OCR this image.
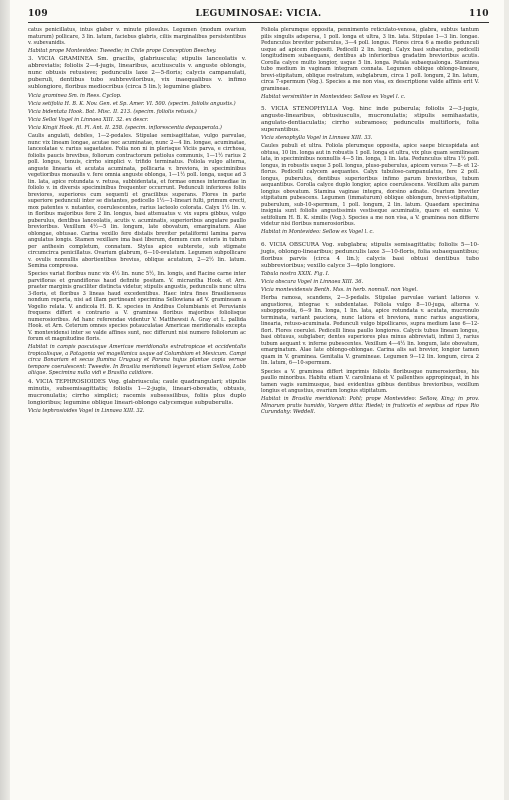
109	LEGUMINOSAE: VICIA.	110
catus penicillatus, intus glaber v. minute pilosulus. Legumen (modum ovarium maturum) pollicare, 3 lin. latum, faciebus glabris, ciliis marginalibus persistentibus v. subevanidis.
Habitat prope Montevideo: Tweedie; in Chile prope Conception Beechey.
3. VICIA GRAMINEA Sm. gracilis, glabriuscula; stipulis lanceolatis v. abbreviatis; foliolis 2—4-jugis, linearibus, acutiusculis v. anguste oblongis, nunc obtusis retusisve; pedunculis laxe 2—5-floris; calycis campanulati, puberuli, dentibus tubo subbreviloribus, vix inaequalibus v. infimo sublongiore, floribus mediocribus (circa 5 lin.); legumine glabro.
Vicia graminea Sm. in Rees. Cyclop.
Vicia setifolia H. B. K. Nov. Gen. et Sp. Amer. VI. 500. (specim. foliolis angustis.)
Vicia bidentata Hook. Bot. Misc. II. 213. (specim. foliolis retusis.)
Vicia Selloi Vogel in Linnaea XIII. 32. ex descr.
Vicia Kingii Hook. fil. Fl. Ant. II. 258. (specim. inflorescentia depauperata.)
Caulis angulati, debiles, 1—2-pedales. Stipulae semisagittatae, vulgo parvulae, nunc vix lineam longae, acutae nec acuminatae, nunc 2—4 lin. longae, acuminatae, lanceolatae v. rarius sagaetatee. Folia non ni in plerisque Viciis parva, e cirrhosa, foliolis paucis brevibus, foliorum contractorum petiolus communis, 1—1½ rarius 2 poll. longus, tenuis, cirrho simplici v. trifido terminatus. Foliola vulgo alterna, anguste linearia et acutata acuminata, pollicaria v. breviora, in speciminibus vegetioribus monaulis v. fere omnia anguste oblonga, 1—1½ poll. longa, usque ad 3 lin. lata, apice rotundata v. retusa, subbidentata, et formae omnes intermediae in foliolo v. in diversis speciminibus frequenter occurrunt. Pedunculi inferiores foliis breviores, superiores cum sequenti et gracilibus superans. Flores in parte superiore pedunculi inter se distantes, pedicello 1½—1-lineari fulti, primum erecti, mox patentes v. nutantes, coerulescentes, rarius lacteolo colorata. Calyx 1½ lin. v. in floribus majoribus fere 2 lin. longus, basi attenuatus v. vix supra gibbus, vulgo puberulus, dentibus lanceolatis, acutis v. acuminatis, superioribus angulare paullo brevioribus. Vexillum 4½—5 lin. longum, late obovatum, emarginatum. Alae oblongae, obtusae. Carina vexillo fere distalis breviter petaliformi lamina parva angulatus longis. Stamen vexillare ima basi liberum, demum cum ceteris in tubum per anthesin completum, connatum. Stylus apice subterete, sub stigmate circumcirca penicillatus. Ovarium glabrum, 6—10-ovulatum. Legumen subpollicare v. ovulis nonnullis abortientibus brevius, oblique acutatum, 2—2½ lin. latum. Semina compressa.
Species variat floribus nunc vix 4½ lin. nunc 5½, lin. longis, and Racine carne inter parvifloras et grandifloras haud definite positam. V. micrantha Hook. et Arn. praeter marginis graciliter distincta videtur, stipulis angustis, pedunculis nunc ultra 3-floris, et floribus 3 lineas haud excedentibus. Haec intra fines Brasilienseus nondum reperta, nisi ad illam pertineant specimina Sellowiana ad V. gramineam a Vogelio relata. V. andicola H. B. K. species in Andibus Columbianis et Peruvianis frequens differt e contrario a V. graminea floribus majoribus foliolisque numerosioribus. Ad hanc referendae videntur V. Matthewsii A. Gray et L. pallida Hook. et Arn. Ceterum omnes species potauculatae Americae meridionalis excepta V. montevidensi inter se valde affines sunt, nec differunt nisi numero foliolorum ac forum et magnitudine floris.
Habitat in campis pascuisque Americae meridionalis extratropicae et occidentalis tropicalisque, a Patagonia vel magellanica usque ad Columbiam et Mexicum. Campi circa Bonariam et secus flumina Uruguay et Parana hujus plantae copia vernae tempore coerulescent: Tweedie. In Brasilia meridionali legerunt etiam Sellow, Lobb aliique. Specimina nulla vidi e Brasilia calidiore.
4. VICIA TEPHROSIOIDES Vog. glabriuscula; caule quadrangulari; stipulis minutis, subsemisagittatis; foliolis 1—2-jugis, lineari-obovatis, obtusis, mucronulatis; cirrho simplici; racemis subsessilibus, foliis plus duplo longioribus; legumine oblique lineari-oblongo calycemque subpuberulis.
Vicia tephrosioides Vogel in Linnaea XIII. 32.
Foliola plerumque opposita, pennimento reticulato-venosa, glabra, subtus tantum pilis singulis adspersa, 1 poll. longa et ultra, 3 lin. lata. Stipulae 1—3 lin. longae. Pedunculus breviter puberulus, 3—4 poll. longus. Flores circa 6 a medio pedunculi usque ad apicem dispositi. Pedicelli 2 lin. longi. Calyx basi subacutus, pedicelli longitudinem subaequans, dentibus ab inferioribus gradatim brevioribus acutis. Corolla calyce multo longior, usque 5 lin. longa. Petala subaequalonga. Staminea tubo medium in vaginam integram connata. Legumen oblique oblongo-lineare, brevi-stipitatum, oblique rostratum, subglabrum, circa 1 poll. longum, 2 lin. latum, circa 7-spermum (Vog.). Species a me non visa, ex descriptione valde affinis erit V. gramineae.
Habitat versimiliter in Montevideo: Sellow ex Vogel l. c.
5. VICIA STENOPHYLLA Vog. hinc inde puberula; foliolis 2—3-jugis, anguste-linearibus, obtusiusculis, mucronulatis; stipulis semihastatis, angulato-dentiaculatis; cirrho subramoso; pedunculis multifloris, folia superantibus.
Vicia stenophylla Vogel in Linnaea XIII. 33.
Caules pubuli et ultra. Foliola plerumque opposita, apice saepe bicuspidata aut obtusa, 10 lin. longa aut in robustis 1 poll. longa et ultra, vix plus quam semilineam lata, in speciminibus nonnullis 4—5 lin. longa, 1 lin. lata. Pedunculus ultra 1½ poll. longus, in robustis usque 3 poll. longus, pluso-puberulus, apicem versus 7—8- et 12-florus. Pedicelli calycem aequantes. Calyx tubuloso-campanulatus, fere 2 poll. longus, puberulus, dentibus superioribus infimo parum brevioribus, tubum aequantibus. Corolla calyce duplo longior, apice coerulescens. Vexillum alis parum longius obovatum. Stamina vaginae integra, dorsino adnate. Ovarium breviter stipitatum pubescens. Legumen (immaturum) oblique oblongum, brevi-stipitatum, puberulum, sub-10-spermum, 1 poll. longum, 2 lin. latum. Quaedam specimina insignia sunt foliolis angustissimis vestiseque acuminatis, quare et eamius V. setifolium H. B. K. similis (Vog.). Species a me non visa, a V. graminea non differre videtur nisi floribus numerosioribus.
Habitat in Montevideo: Sellow ex Vogel l. c.
6. VICIA OBSCURA Vog. subglabra; stipulis semisagittatis; foliolis 5—10-jugis, oblongo-linearibus; pedunculis laxe 3—10-floris, folia subaequantibus; floribus parvis (circa 4 lin.); calycis basi obtusi dentibus tubo subbrevioribus; vexillo calyce 3—4plo longiore.
Tabula nostra XXIX. Fig. I.
Vicia obscura Vogel in Linnaea XIII. 36.
Vicia montevidensis Benth. Mss. in herb. nonnull. non Vogel.
Herba ramosa, scandens, 2—3-pedalis. Stipulae parvulae variant latiores v. angustiores, integrae v. subdentatae. Foliola vulgo 8—10-juga, alterna v. suboppposita, 6—9 lin. longa, 1 lin. lata, apice rotundata v. acutata, mucronulo terminata, variant pauciora, nunc latiora et breviora, nunc rarius angustiora, linearia, retuso-acuminata. Pedunculi vulgo bipollicares, supra medium laxe 6—12-flori. Flores coerulei. Pedicelli linea paullo longiores. Calycis tubus lineam longus, basi obtusus, subglaber; dentes superiores plus minus abbreviati, infimi 3, rarius tubum aequant v. inferne pubescentes. Vexillum 4—4½ lin. longum, late obovatum, emarginatum. Alae late oblongo-oblongae. Carina alis sat brevior, longior tamen quam in V. graminea. Genitalia V. gramineae. Legumen 9—12 lin. longum, circa 2 lin. latum, 6—10-spermum.
Species a V. graminea differt imprimis foliolis floribusque numerosioribus, his paullo minoribus. Habitu etiam V. caroliniana et V. pallenthes appropinquat, in his tamen vagis sumimusque, basi evidentius gibbus dentibus brevioribus, vexillum longius et angustius, ovarium longius stipitatum.
Habitat in Brasilia meridionali: Pohl; prope Montevideo: Sellow, King; in prov. Minarum pratis humidis, Vargem ditta: Riedel; in fruticetis et sepibus ad ripas Rio Curundahy: Weddell.
